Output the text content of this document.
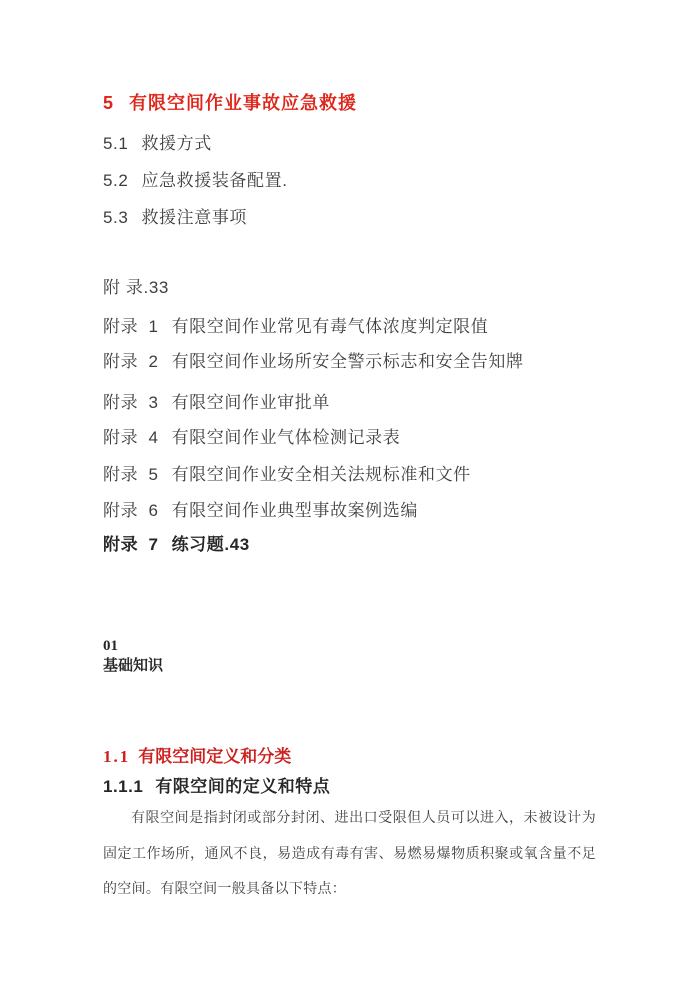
5 有限空间作业事故应急救援
5.1 救援方式
5.2 应急救援装备配置.
5.3 救援注意事项
附 录.33
附录 1 有限空间作业常见有毒气体浓度判定限值
附录 2 有限空间作业场所安全警示标志和安全告知牌
附录 3 有限空间作业审批单
附录 4 有限空间作业气体检测记录表
附录 5 有限空间作业安全相关法规标准和文件
附录 6 有限空间作业典型事故案例选编
附录 7 练习题.43
01
基础知识
1.1 有限空间定义和分类
1.1.1 有限空间的定义和特点
有限空间是指封闭或部分封闭、进出口受限但人员可以进入，未被设计为固定工作场所，通风不良，易造成有毒有害、易燃易爆物质积聚或氧含量不足的空间。有限空间一般具备以下特点：
